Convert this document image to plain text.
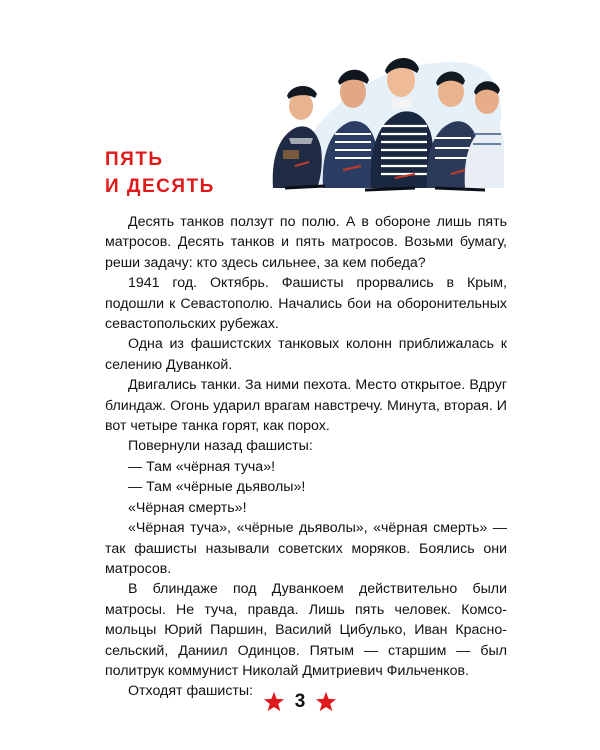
ПЯТЬ
И ДЕСЯТЬ

Десять танков ползут по полю. А в обороне лишь пять матросов. Десять танков и пять матросов. Возьми бумагу, реши задачу: кто здесь сильнее, за кем победа?

1941 год. Октябрь. Фашисты прорвались в Крым, подошли к Севастополю. Начались бои на оборонительных севастопольских рубежах.

Одна из фашистских танковых колонн приближалась к селению Дуванкой.

Двигались танки. За ними пехота. Место открытое. Вдруг блиндаж. Огонь ударил врагам навстречу. Минута, вторая. И вот четыре танка горят, как порох.

Повернули назад фашисты:

— Там «чёрная туча»!

— Там «чёрные дьяволы»!

«Чёрная смерть»!

«Чёрная туча», «чёрные дьяволы», «чёрная смерть» — так фашисты называли советских моряков. Боялись они матросов.

В блиндаже под Дуванкоем действительно были матросы. Не туча, правда. Лишь пять человек. Комсомольцы Юрий Паршин, Василий Цибулько, Иван Красносельский, Даниил Одинцов. Пятым — старшим — был политрук коммунист Николай Дмитриевич Фильченков.

Отходят фашисты:	3
